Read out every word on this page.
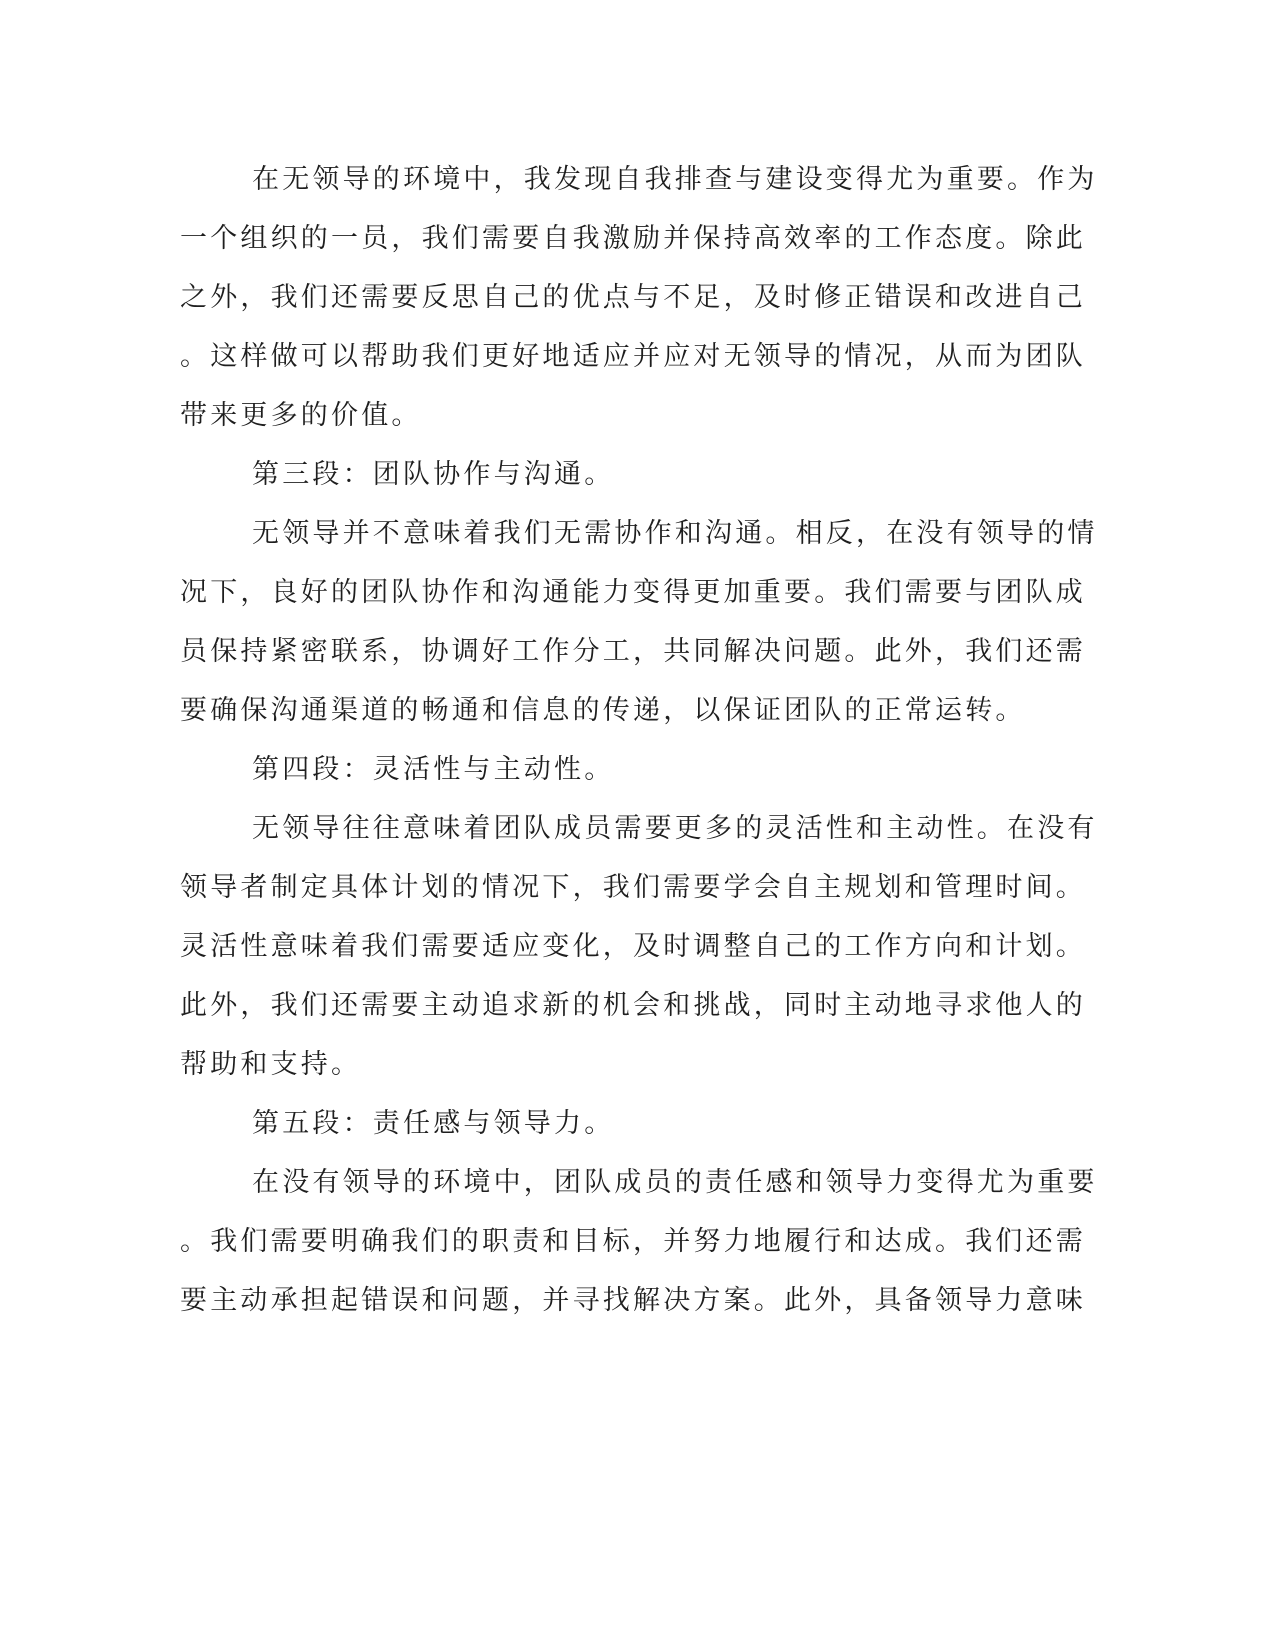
在无领导的环境中，我发现自我排查与建设变得尤为重要。作为

一个组织的一员，我们需要自我激励并保持高效率的工作态度。除此

之外，我们还需要反思自己的优点与不足，及时修正错误和改进自己

。这样做可以帮助我们更好地适应并应对无领导的情况，从而为团队

带来更多的价值。

第三段：团队协作与沟通。

无领导并不意味着我们无需协作和沟通。相反，在没有领导的情

况下，良好的团队协作和沟通能力变得更加重要。我们需要与团队成

员保持紧密联系，协调好工作分工，共同解决问题。此外，我们还需

要确保沟通渠道的畅通和信息的传递，以保证团队的正常运转。

第四段：灵活性与主动性。

无领导往往意味着团队成员需要更多的灵活性和主动性。在没有

领导者制定具体计划的情况下，我们需要学会自主规划和管理时间。

灵活性意味着我们需要适应变化，及时调整自己的工作方向和计划。

此外，我们还需要主动追求新的机会和挑战，同时主动地寻求他人的

帮助和支持。

第五段：责任感与领导力。

在没有领导的环境中，团队成员的责任感和领导力变得尤为重要

。我们需要明确我们的职责和目标，并努力地履行和达成。我们还需

要主动承担起错误和问题，并寻找解决方案。此外，具备领导力意味
